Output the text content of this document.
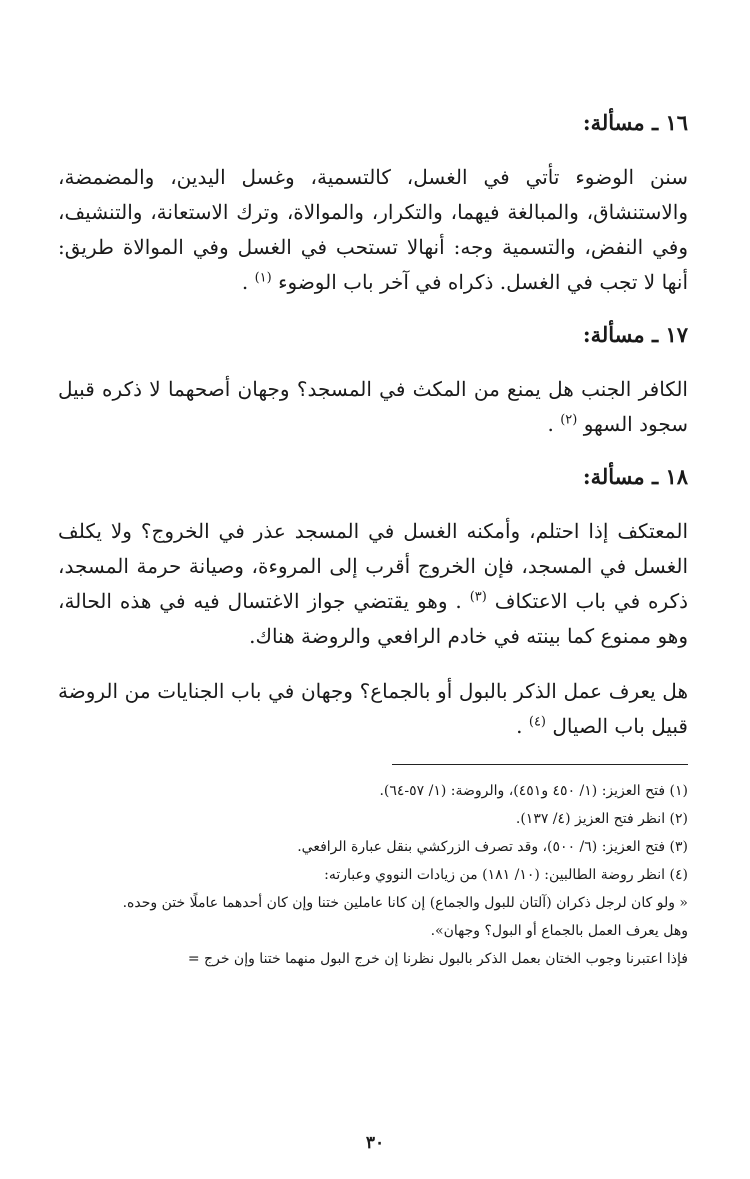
١٦ ـ مسألة:

سنن الوضوء تأتي في الغسل، كالتسمية، وغسل اليدين، والمضمضة، والاستنشاق، والمبالغة فيهما، والتكرار، والموالاة، وترك الاستعانة، والتنشيف، وفي النفض، والتسمية وجه: أنهالا تستحب في الغسل وفي الموالاة طريق: أنها لا تجب في الغسل. ذكراه في آخر باب الوضوء $^{(١)}$ .

١٧ ـ مسألة:

الكافر الجنب هل يمنع من المكث في المسجد؟ وجهان أصحهما لا ذكره قبيل سجود السهو $^{(٢)}$ .

١٨ ـ مسألة:

المعتكف إذا احتلم، وأمكنه الغسل في المسجد عذر في الخروج؟ ولا يكلف الغسل في المسجد، فإن الخروج أقرب إلى المروءة، وصيانة حرمة المسجد، ذكره في باب الاعتكاف $^{(٣)}$ . وهو يقتضي جواز الاغتسال فيه في هذه الحالة، وهو ممنوع كما بينته في خادم الرافعي والروضة هناك.

هل يعرف عمل الذكر بالبول أو بالجماع؟ وجهان في باب الجنايات من الروضة قبيل باب الصيال $^{(٤)}$ .

(١) فتح العزيز: (١/ ٤٥٠ و٤٥١)، والروضة: (١/ ٥٧-٦٤).

(٢) انظر فتح العزيز (٤/ ١٣٧).

(٣) فتح العزيز: (٦/ ٥٠٠)، وقد تصرف الزركشي بنقل عبارة الرافعي.

(٤) انظر روضة الطالبين: (١٠/ ١٨١) من زيادات النووي وعبارته:

« ولو كان لرجل ذكران (آلتان للبول والجماع) إن كانا عاملين ختنا وإن كان أحدهما عاملًا ختن وحده.

وهل يعرف العمل بالجماع أو البول؟ وجهان».

فإذا اعتبرنا وجوب الختان بعمل الذكر بالبول نظرنا إن خرج البول منهما ختنا وإن خرج =

٣٠
